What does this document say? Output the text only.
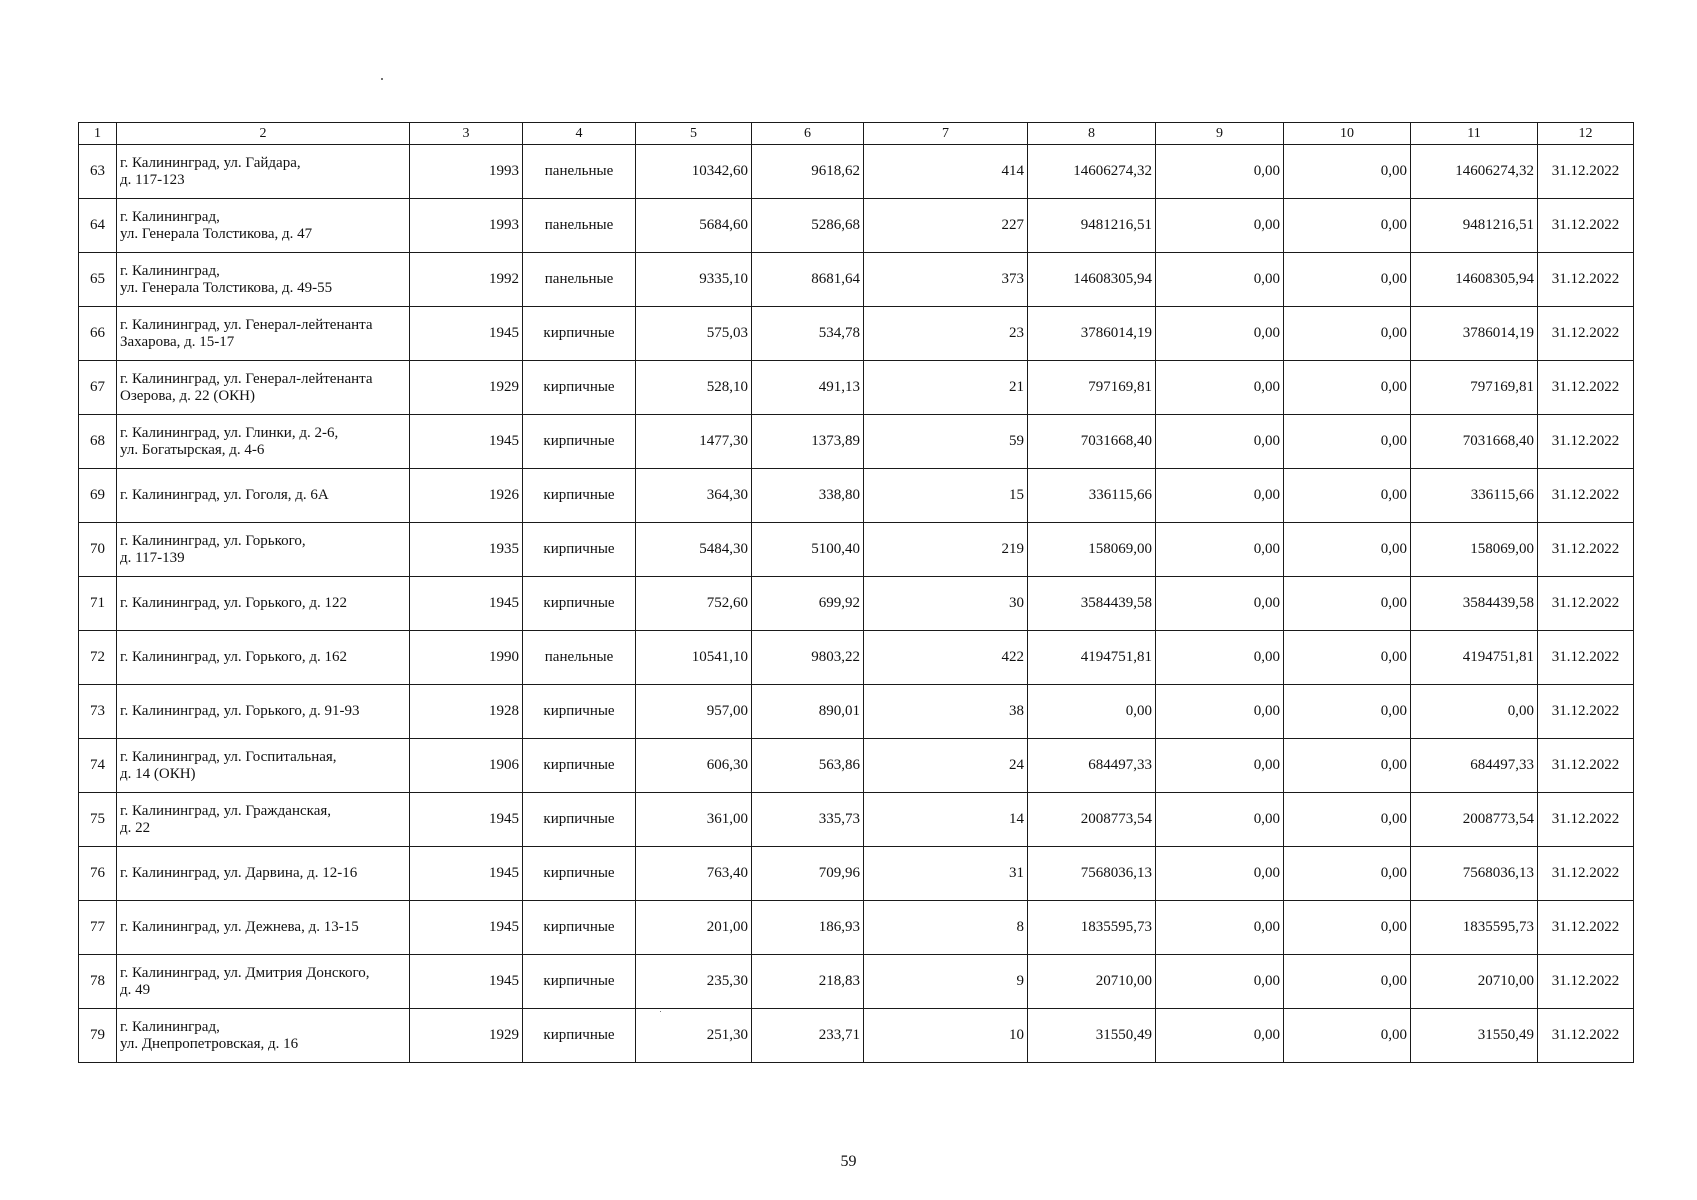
1	2	3	4	5	6	7	8	9	10	11	12
63	г. Калининград, ул. Гайдара,
д. 117-123	1993	панельные	10342,60	9618,62	414	14606274,32	0,00	0,00	14606274,32	31.12.2022
64	г. Калининград,
ул. Генерала Толстикова, д. 47	1993	панельные	5684,60	5286,68	227	9481216,51	0,00	0,00	9481216,51	31.12.2022
65	г. Калининград,
ул. Генерала Толстикова, д. 49-55	1992	панельные	9335,10	8681,64	373	14608305,94	0,00	0,00	14608305,94	31.12.2022
66	г. Калининград, ул. Генерал-лейтенанта
Захарова, д. 15-17	1945	кирпичные	575,03	534,78	23	3786014,19	0,00	0,00	3786014,19	31.12.2022
67	г. Калининград, ул. Генерал-лейтенанта
Озерова, д. 22 (ОКН)	1929	кирпичные	528,10	491,13	21	797169,81	0,00	0,00	797169,81	31.12.2022
68	г. Калининград, ул. Глинки, д. 2-6,
ул. Богатырская, д. 4-6	1945	кирпичные	1477,30	1373,89	59	7031668,40	0,00	0,00	7031668,40	31.12.2022
69	г. Калининград, ул. Гоголя, д. 6А	1926	кирпичные	364,30	338,80	15	336115,66	0,00	0,00	336115,66	31.12.2022
70	г. Калининград, ул. Горького,
д. 117-139	1935	кирпичные	5484,30	5100,40	219	158069,00	0,00	0,00	158069,00	31.12.2022
71	г. Калининград, ул. Горького, д. 122	1945	кирпичные	752,60	699,92	30	3584439,58	0,00	0,00	3584439,58	31.12.2022
72	г. Калининград, ул. Горького, д. 162	1990	панельные	10541,10	9803,22	422	4194751,81	0,00	0,00	4194751,81	31.12.2022
73	г. Калининград, ул. Горького, д. 91-93	1928	кирпичные	957,00	890,01	38	0,00	0,00	0,00	0,00	31.12.2022
74	г. Калининград, ул. Госпитальная,
д. 14 (ОКН)	1906	кирпичные	606,30	563,86	24	684497,33	0,00	0,00	684497,33	31.12.2022
75	г. Калининград, ул. Гражданская,
д. 22	1945	кирпичные	361,00	335,73	14	2008773,54	0,00	0,00	2008773,54	31.12.2022
76	г. Калининград, ул. Дарвина, д. 12-16	1945	кирпичные	763,40	709,96	31	7568036,13	0,00	0,00	7568036,13	31.12.2022
77	г. Калининград, ул. Дежнева, д. 13-15	1945	кирпичные	201,00	186,93	8	1835595,73	0,00	0,00	1835595,73	31.12.2022
78	г. Калининград, ул. Дмитрия Донского,
д. 49	1945	кирпичные	235,30	218,83	9	20710,00	0,00	0,00	20710,00	31.12.2022
79	г. Калининград,
ул. Днепропетровская, д. 16	1929	кирпичные	251,30	233,71	10	31550,49	0,00	0,00	31550,49	31.12.2022
59
